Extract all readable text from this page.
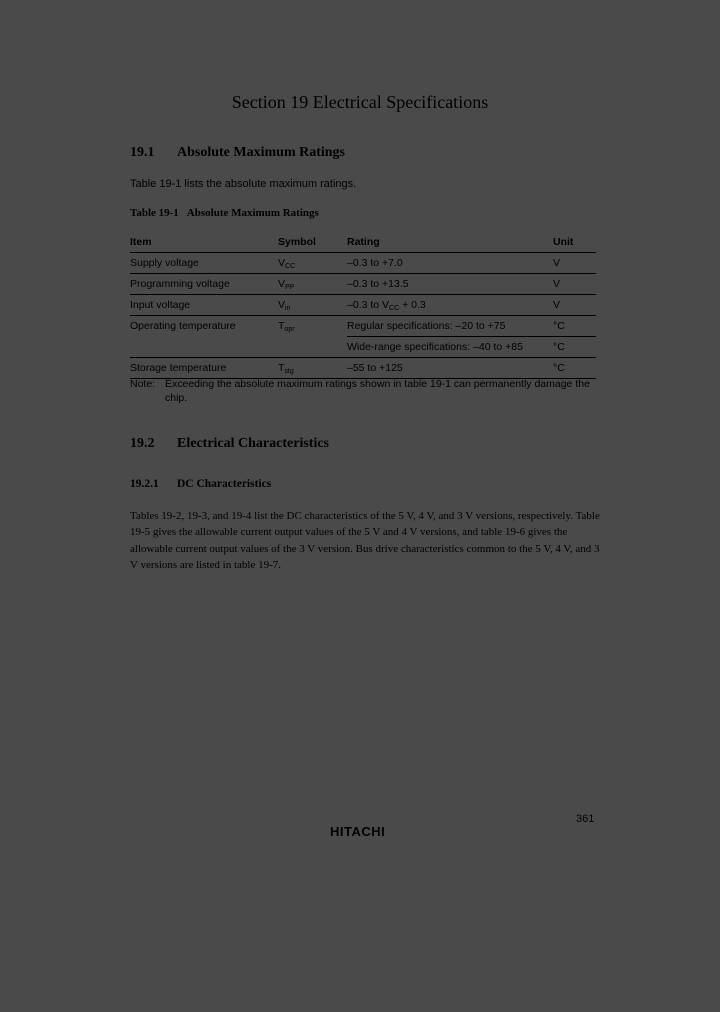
Section 19 Electrical Specifications
19.1 Absolute Maximum Ratings
Table 19-1 lists the absolute maximum ratings.
Table 19-1 Absolute Maximum Ratings
Item	Symbol	Rating	Unit
Supply voltage	$V_{CC}$	–0.3 to +7.0	V
Programming voltage	$V_{PP}$	–0.3 to +13.5	V
Input voltage	$V_{in}$	–0.3 to $V_{CC} + 0.3$	V
Operating temperature	$T_{opr}$	Regular specifications: –20 to +75	°C
		Wide-range specifications: –40 to +85	°C
Storage temperature	$T_{stg}$	–55 to +125	°C
Note: Exceeding the absolute maximum ratings shown in table 19-1 can permanently damage the chip.
19.2 Electrical Characteristics
19.2.1 DC Characteristics
Tables 19-2, 19-3, and 19-4 list the DC characteristics of the 5 V, 4 V, and 3 V versions, respectively. Table 19-5 gives the allowable current output values of the 5 V and 4 V versions, and table 19-6 gives the allowable current output values of the 3 V version. Bus drive characteristics common to the 5 V, 4 V, and 3 V versions are listed in table 19-7.
361
HITACHI
